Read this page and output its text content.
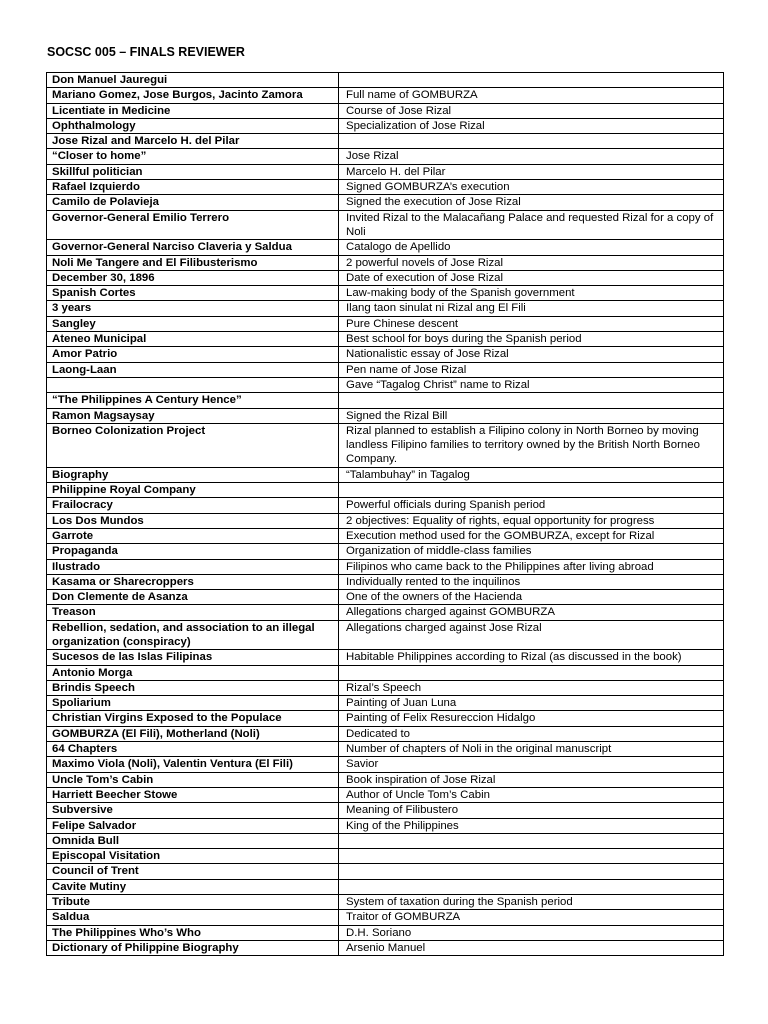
SOCSC 005 – FINALS REVIEWER
Don Manuel Jauregui	
Mariano Gomez, Jose Burgos, Jacinto Zamora	Full name of GOMBURZA
Licentiate in Medicine	Course of Jose Rizal
Ophthalmology	Specialization of Jose Rizal
Jose Rizal and Marcelo H. del Pilar	
“Closer to home”	Jose Rizal
Skillful politician	Marcelo H. del Pilar
Rafael Izquierdo	Signed GOMBURZA’s execution
Camilo de Polavieja	Signed the execution of Jose Rizal
Governor-General Emilio Terrero	Invited Rizal to the Malacañang Palace and requested Rizal for a copy of Noli
Governor-General Narciso Claveria y Saldua	Catalogo de Apellido
Noli Me Tangere and El Filibusterismo	2 powerful novels of Jose Rizal
December 30, 1896	Date of execution of Jose Rizal
Spanish Cortes	Law-making body of the Spanish government
3 years	Ilang taon sinulat ni Rizal ang El Fili
Sangley	Pure Chinese descent
Ateneo Municipal	Best school for boys during the Spanish period
Amor Patrio	Nationalistic essay of Jose Rizal
Laong-Laan	Pen name of Jose Rizal
	Gave “Tagalog Christ” name to Rizal
“The Philippines A Century Hence”	
Ramon Magsaysay	Signed the Rizal Bill
Borneo Colonization Project	Rizal planned to establish a Filipino colony in North Borneo by moving landless Filipino families to territory owned by the British North Borneo Company.
Biography	“Talambuhay” in Tagalog
Philippine Royal Company	
Frailocracy	Powerful officials during Spanish period
Los Dos Mundos	2 objectives: Equality of rights, equal opportunity for progress
Garrote	Execution method used for the GOMBURZA, except for Rizal
Propaganda	Organization of middle-class families
Ilustrado	Filipinos who came back to the Philippines after living abroad
Kasama or Sharecroppers	Individually rented to the inquilinos
Don Clemente de Asanza	One of the owners of the Hacienda
Treason	Allegations charged against GOMBURZA
Rebellion, sedation, and association to an illegal organization (conspiracy)	Allegations charged against Jose Rizal
Sucesos de las Islas Filipinas	Habitable Philippines according to Rizal (as discussed in the book)
Antonio Morga	
Brindis Speech	Rizal’s Speech
Spoliarium	Painting of Juan Luna
Christian Virgins Exposed to the Populace	Painting of Felix Resureccion Hidalgo
GOMBURZA (El Fili), Motherland (Noli)	Dedicated to
64 Chapters	Number of chapters of Noli in the original manuscript
Maximo Viola (Noli), Valentin Ventura (El Fili)	Savior
Uncle Tom’s Cabin	Book inspiration of Jose Rizal
Harriett Beecher Stowe	Author of Uncle Tom’s Cabin
Subversive	Meaning of Filibustero
Felipe Salvador	King of the Philippines
Omnida Bull	
Episcopal Visitation	
Council of Trent	
Cavite Mutiny	
Tribute	System of taxation during the Spanish period
Saldua	Traitor of GOMBURZA
The Philippines Who’s Who	D.H. Soriano
Dictionary of Philippine Biography	Arsenio Manuel
